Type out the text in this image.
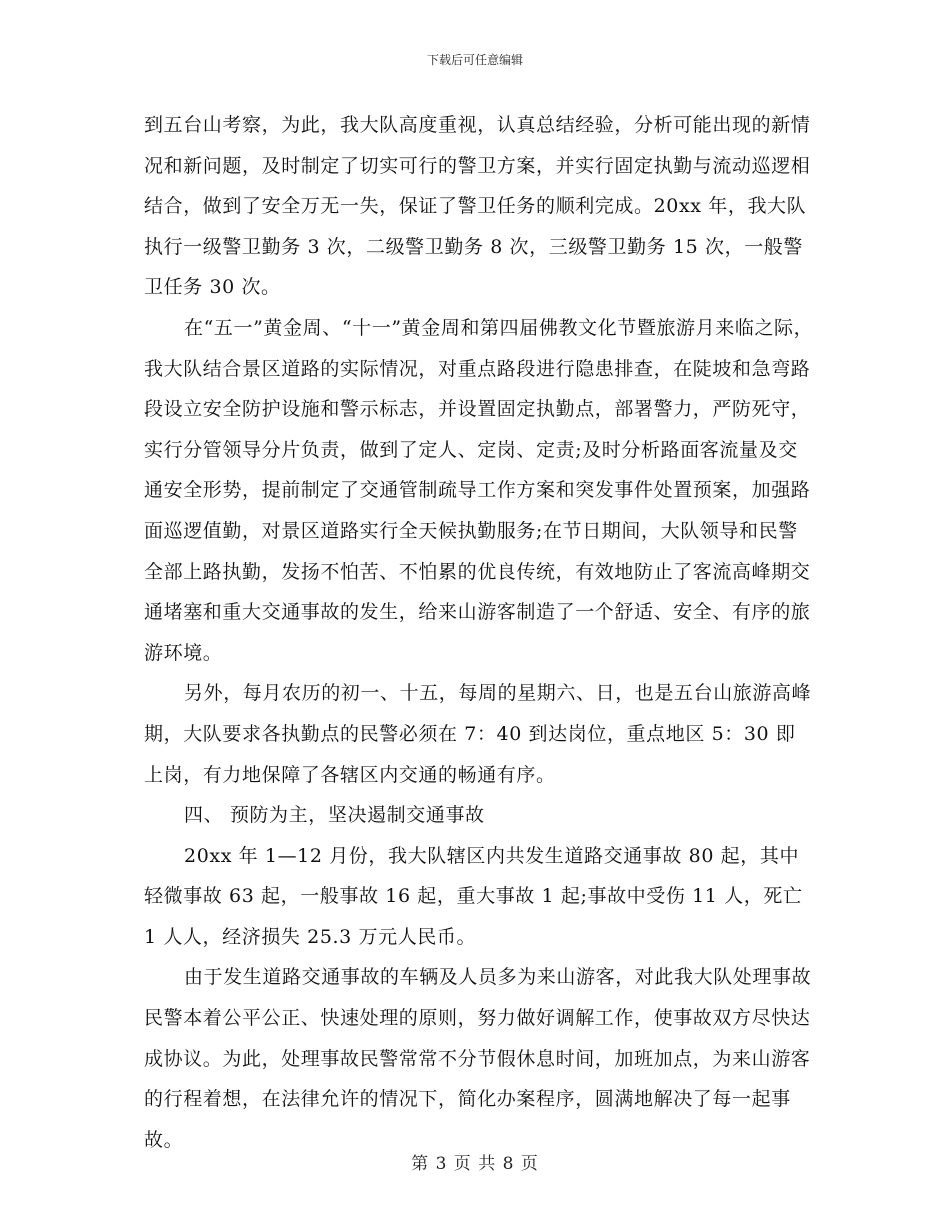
下载后可任意编辑

到五台山考察，为此，我大队高度重视，认真总结经验，分析可能出现的新情况和新问题，及时制定了切实可行的警卫方案，并实行固定执勤与流动巡逻相结合，做到了安全万无一失，保证了警卫任务的顺利完成。20xx 年，我大队执行一级警卫勤务 3 次，二级警卫勤务 8 次，三级警卫勤务 15 次，一般警卫任务 30 次。

在“五一”黄金周、“十一”黄金周和第四届佛教文化节暨旅游月来临之际，我大队结合景区道路的实际情况，对重点路段进行隐患排查，在陡坡和急弯路段设立安全防护设施和警示标志，并设置固定执勤点，部署警力，严防死守，实行分管领导分片负责，做到了定人、定岗、定责;及时分析路面客流量及交通安全形势，提前制定了交通管制疏导工作方案和突发事件处置预案，加强路面巡逻值勤，对景区道路实行全天候执勤服务;在节日期间，大队领导和民警全部上路执勤，发扬不怕苦、不怕累的优良传统，有效地防止了客流高峰期交通堵塞和重大交通事故的发生，给来山游客制造了一个舒适、安全、有序的旅游环境。

另外，每月农历的初一、十五，每周的星期六、日，也是五台山旅游高峰期，大队要求各执勤点的民警必须在 7：40 到达岗位，重点地区 5：30 即上岗，有力地保障了各辖区内交通的畅通有序。

四、 预防为主，坚决遏制交通事故

20xx 年 1—12 月份，我大队辖区内共发生道路交通事故 80 起，其中轻微事故 63 起，一般事故 16 起，重大事故 1 起;事故中受伤 11 人，死亡 1 人人，经济损失 25.3 万元人民币。

由于发生道路交通事故的车辆及人员多为来山游客，对此我大队处理事故民警本着公平公正、快速处理的原则，努力做好调解工作，使事故双方尽快达成协议。为此，处理事故民警常常不分节假休息时间，加班加点，为来山游客的行程着想，在法律允许的情况下，简化办案程序，圆满地解决了每一起事故。

第 3 页 共 8 页
